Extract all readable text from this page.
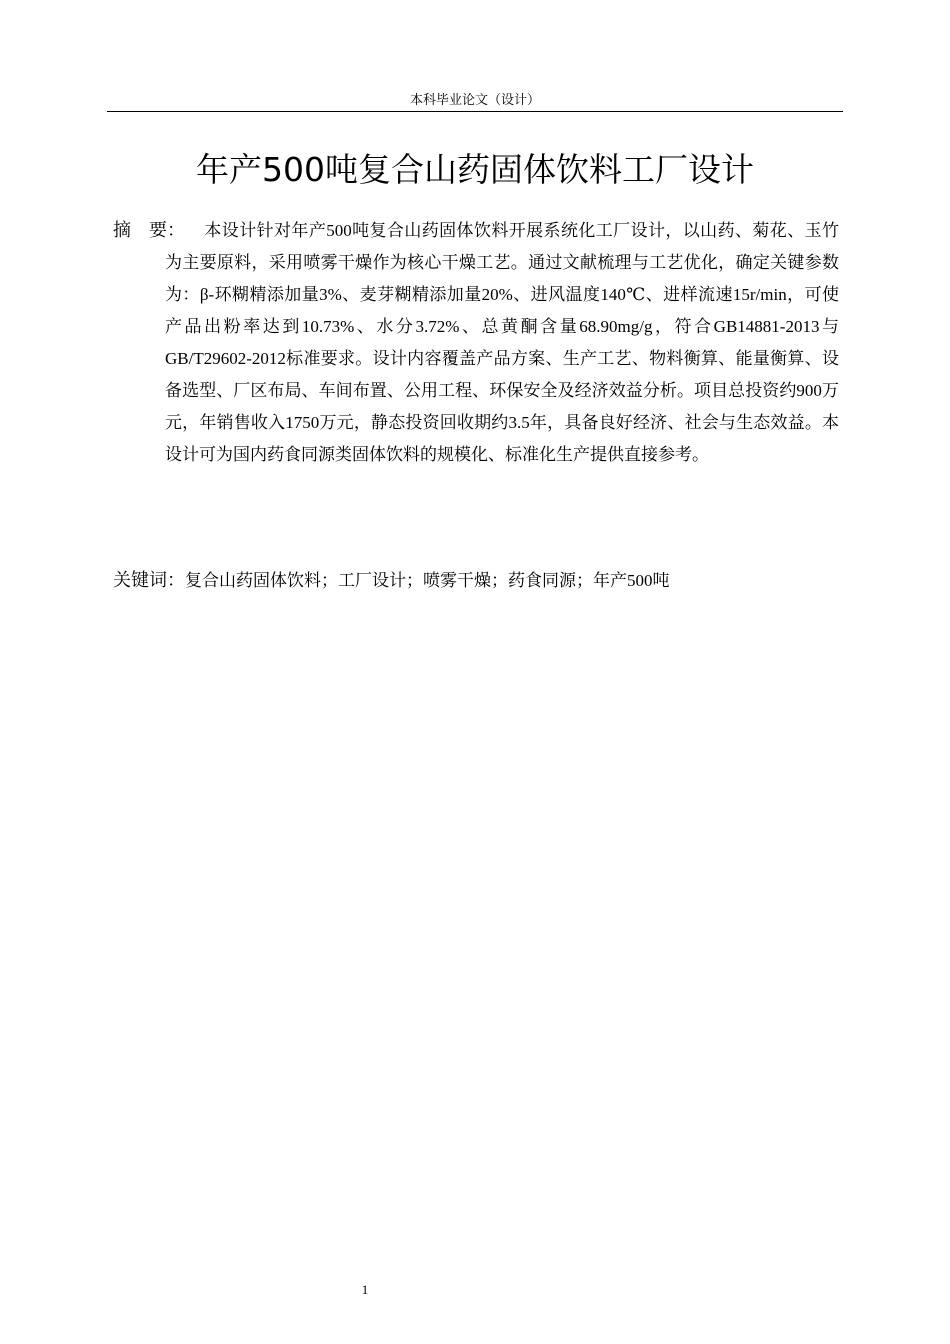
本科毕业论文（设计）
年产500吨复合山药固体饮料工厂设计
摘　要： 本设计针对年产500吨复合山药固体饮料开展系统化工厂设计，以山药、菊花、玉竹为主要原料，采用喷雾干燥作为核心干燥工艺。通过文献梳理与工艺优化，确定关键参数为：β-环糊精添加量3%、麦芽糊精添加量20%、进风温度140℃、进样流速15r/min，可使产品出粉率达到10.73%、水分3.72%、总黄酮含量68.90mg/g，符合GB14881-2013与GB/T29602-2012标准要求。设计内容覆盖产品方案、生产工艺、物料衡算、能量衡算、设备选型、厂区布局、车间布置、公用工程、环保安全及经济效益分析。项目总投资约900万元，年销售收入1750万元，静态投资回收期约3.5年，具备良好经济、社会与生态效益。本设计可为国内药食同源类固体饮料的规模化、标准化生产提供直接参考。
关键词：复合山药固体饮料；工厂设计；喷雾干燥；药食同源；年产500吨
1
